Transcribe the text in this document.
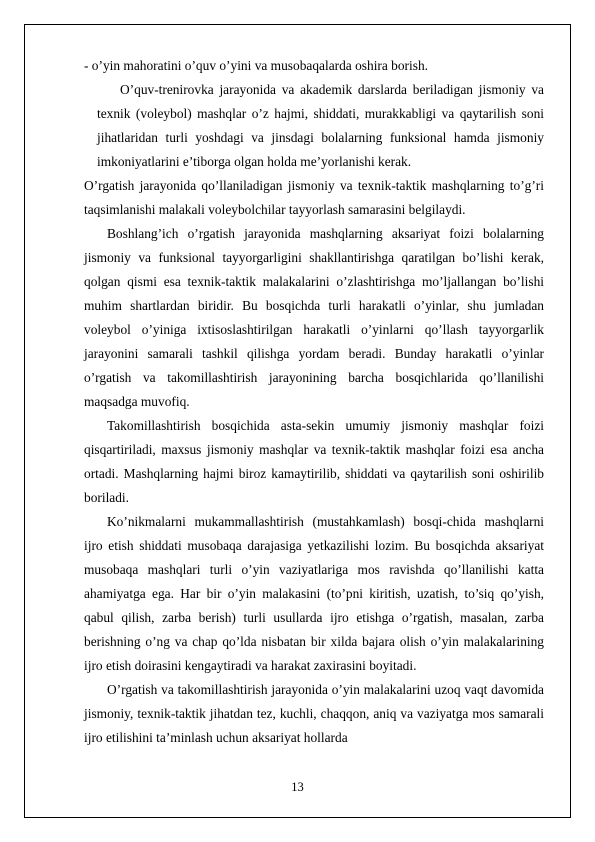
- o’yin mahoratini o’quv o’yini va musobaqalarda oshira borish.

O’quv-trenirovka jarayonida va akademik darslarda beriladigan jismoniy va texnik (voleybol) mashqlar o’z hajmi, shiddati, murakkabligi va qaytarilish soni jihatlaridan turli yoshdagi va jinsdagi bolalarning funksional hamda jismoniy imkoniyatlarini e’tiborga olgan holda me’yorlanishi kerak.

O’rgatish jarayonida qo’llaniladigan jismoniy va texnik-taktik mashqlarning to’g’ri taqsimlanishi malakali voleybolchilar tayyorlash samarasini belgilaydi.

Boshlang’ich o’rgatish jarayonida mashqlarning aksariyat foizi bolalarning jismoniy va funksional tayyorgarligini shakllantirishga qaratilgan bo’lishi kerak, qolgan qismi esa texnik-taktik malakalarini o’zlashtirishga mo’ljallangan bo’lishi muhim shartlardan biridir. Bu bosqichda turli harakatli o’yinlar, shu jumladan voleybol o’yiniga ixtisoslashtirilgan harakatli o’yinlarni qo’llash tayyorgarlik jarayonini samarali tashkil qilishga yordam beradi. Bunday harakatli o’yinlar o’rgatish va takomillashtirish jarayonining barcha bosqichlarida qo’llanilishi maqsadga muvofiq.

Takomillashtirish bosqichida asta-sekin umumiy jismoniy mashqlar foizi qisqartiriladi, maxsus jismoniy mashqlar va texnik-taktik mashqlar foizi esa ancha ortadi. Mashqlarning hajmi biroz kamaytirilib, shiddati va qaytarilish soni oshirilib boriladi.

Ko’nikmalarni mukammallashtirish (mustahkamlash) bosqi-chida mashqlarni ijro etish shiddati musobaqa darajasiga yetkazilishi lozim. Bu bosqichda aksariyat musobaqa mashqlari turli o’yin vaziyatlariga mos ravishda qo’llanilishi katta ahamiyatga ega. Har bir o’yin malakasini (to’pni kiritish, uzatish, to’siq qo’yish, qabul qilish, zarba berish) turli usullarda ijro etishga o’rgatish, masalan, zarba berishning o’ng va chap qo’lda nisbatan bir xilda bajara olish o’yin malakalarining ijro etish doirasini kengaytiradi va harakat zaxirasini boyitadi.

O’rgatish va takomillashtirish jarayonida o’yin malakalarini uzoq vaqt davomida jismoniy, texnik-taktik jihatdan tez, kuchli, chaqqon, aniq va vaziyatga mos samarali ijro etilishini ta’minlash uchun aksariyat hollarda

13
